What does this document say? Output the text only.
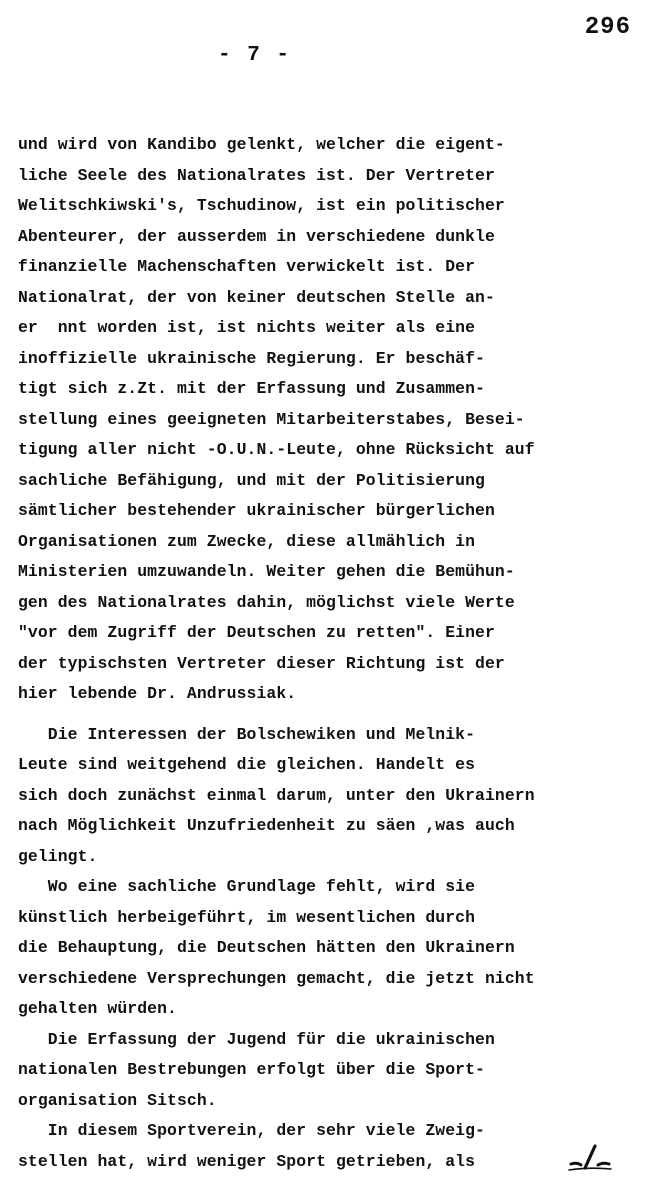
296
- 7 -
und wird von Kandibo gelenkt, welcher die eigent-
liche Seele des Nationalrates ist. Der Vertreter
Welitschkiwski's, Tschudinow, ist ein politischer
Abenteurer, der ausserdem in verschiedene dunkle
finanzielle Machenschaften verwickelt ist. Der
Nationalrat, der von keiner deutschen Stelle an-
er  nnt worden ist, ist nichts weiter als eine
inoffizielle ukrainische Regierung. Er beschäf-
tigt sich z.Zt. mit der Erfassung und Zusammen-
stellung eines geeigneten Mitarbeiterstabes, Besei-
tigung aller nicht -O.U.N.-Leute, ohne Rücksicht auf
sachliche Befähigung, und mit der Politisierung
sämtlicher bestehender ukrainischer bürgerlichen
Organisationen zum Zwecke, diese allmählich in
Ministerien umzuwandeln. Weiter gehen die Bemühun-
gen des Nationalrates dahin, möglichst viele Werte
"vor dem Zugriff der Deutschen zu retten". Einer
der typischsten Vertreter dieser Richtung ist der
hier lebende Dr. Andrussiak.
Die Interessen der Bolschewiken und Melnik-
Leute sind weitgehend die gleichen. Handelt es
sich doch zunächst einmal darum, unter den Ukrainern
nach Möglichkeit Unzufriedenheit zu säen ,was auch
gelingt.
Wo eine sachliche Grundlage fehlt, wird sie
künstlich herbeigeführt, im wesentlichen durch
die Behauptung, die Deutschen hätten den Ukrainern
verschiedene Versprechungen gemacht, die jetzt nicht
gehalten würden.
Die Erfassung der Jugend für die ukrainischen
nationalen Bestrebungen erfolgt über die Sport-
organisation Sitsch.
In diesem Sportverein, der sehr viele Zweig-
stellen hat, wird weniger Sport getrieben, als
